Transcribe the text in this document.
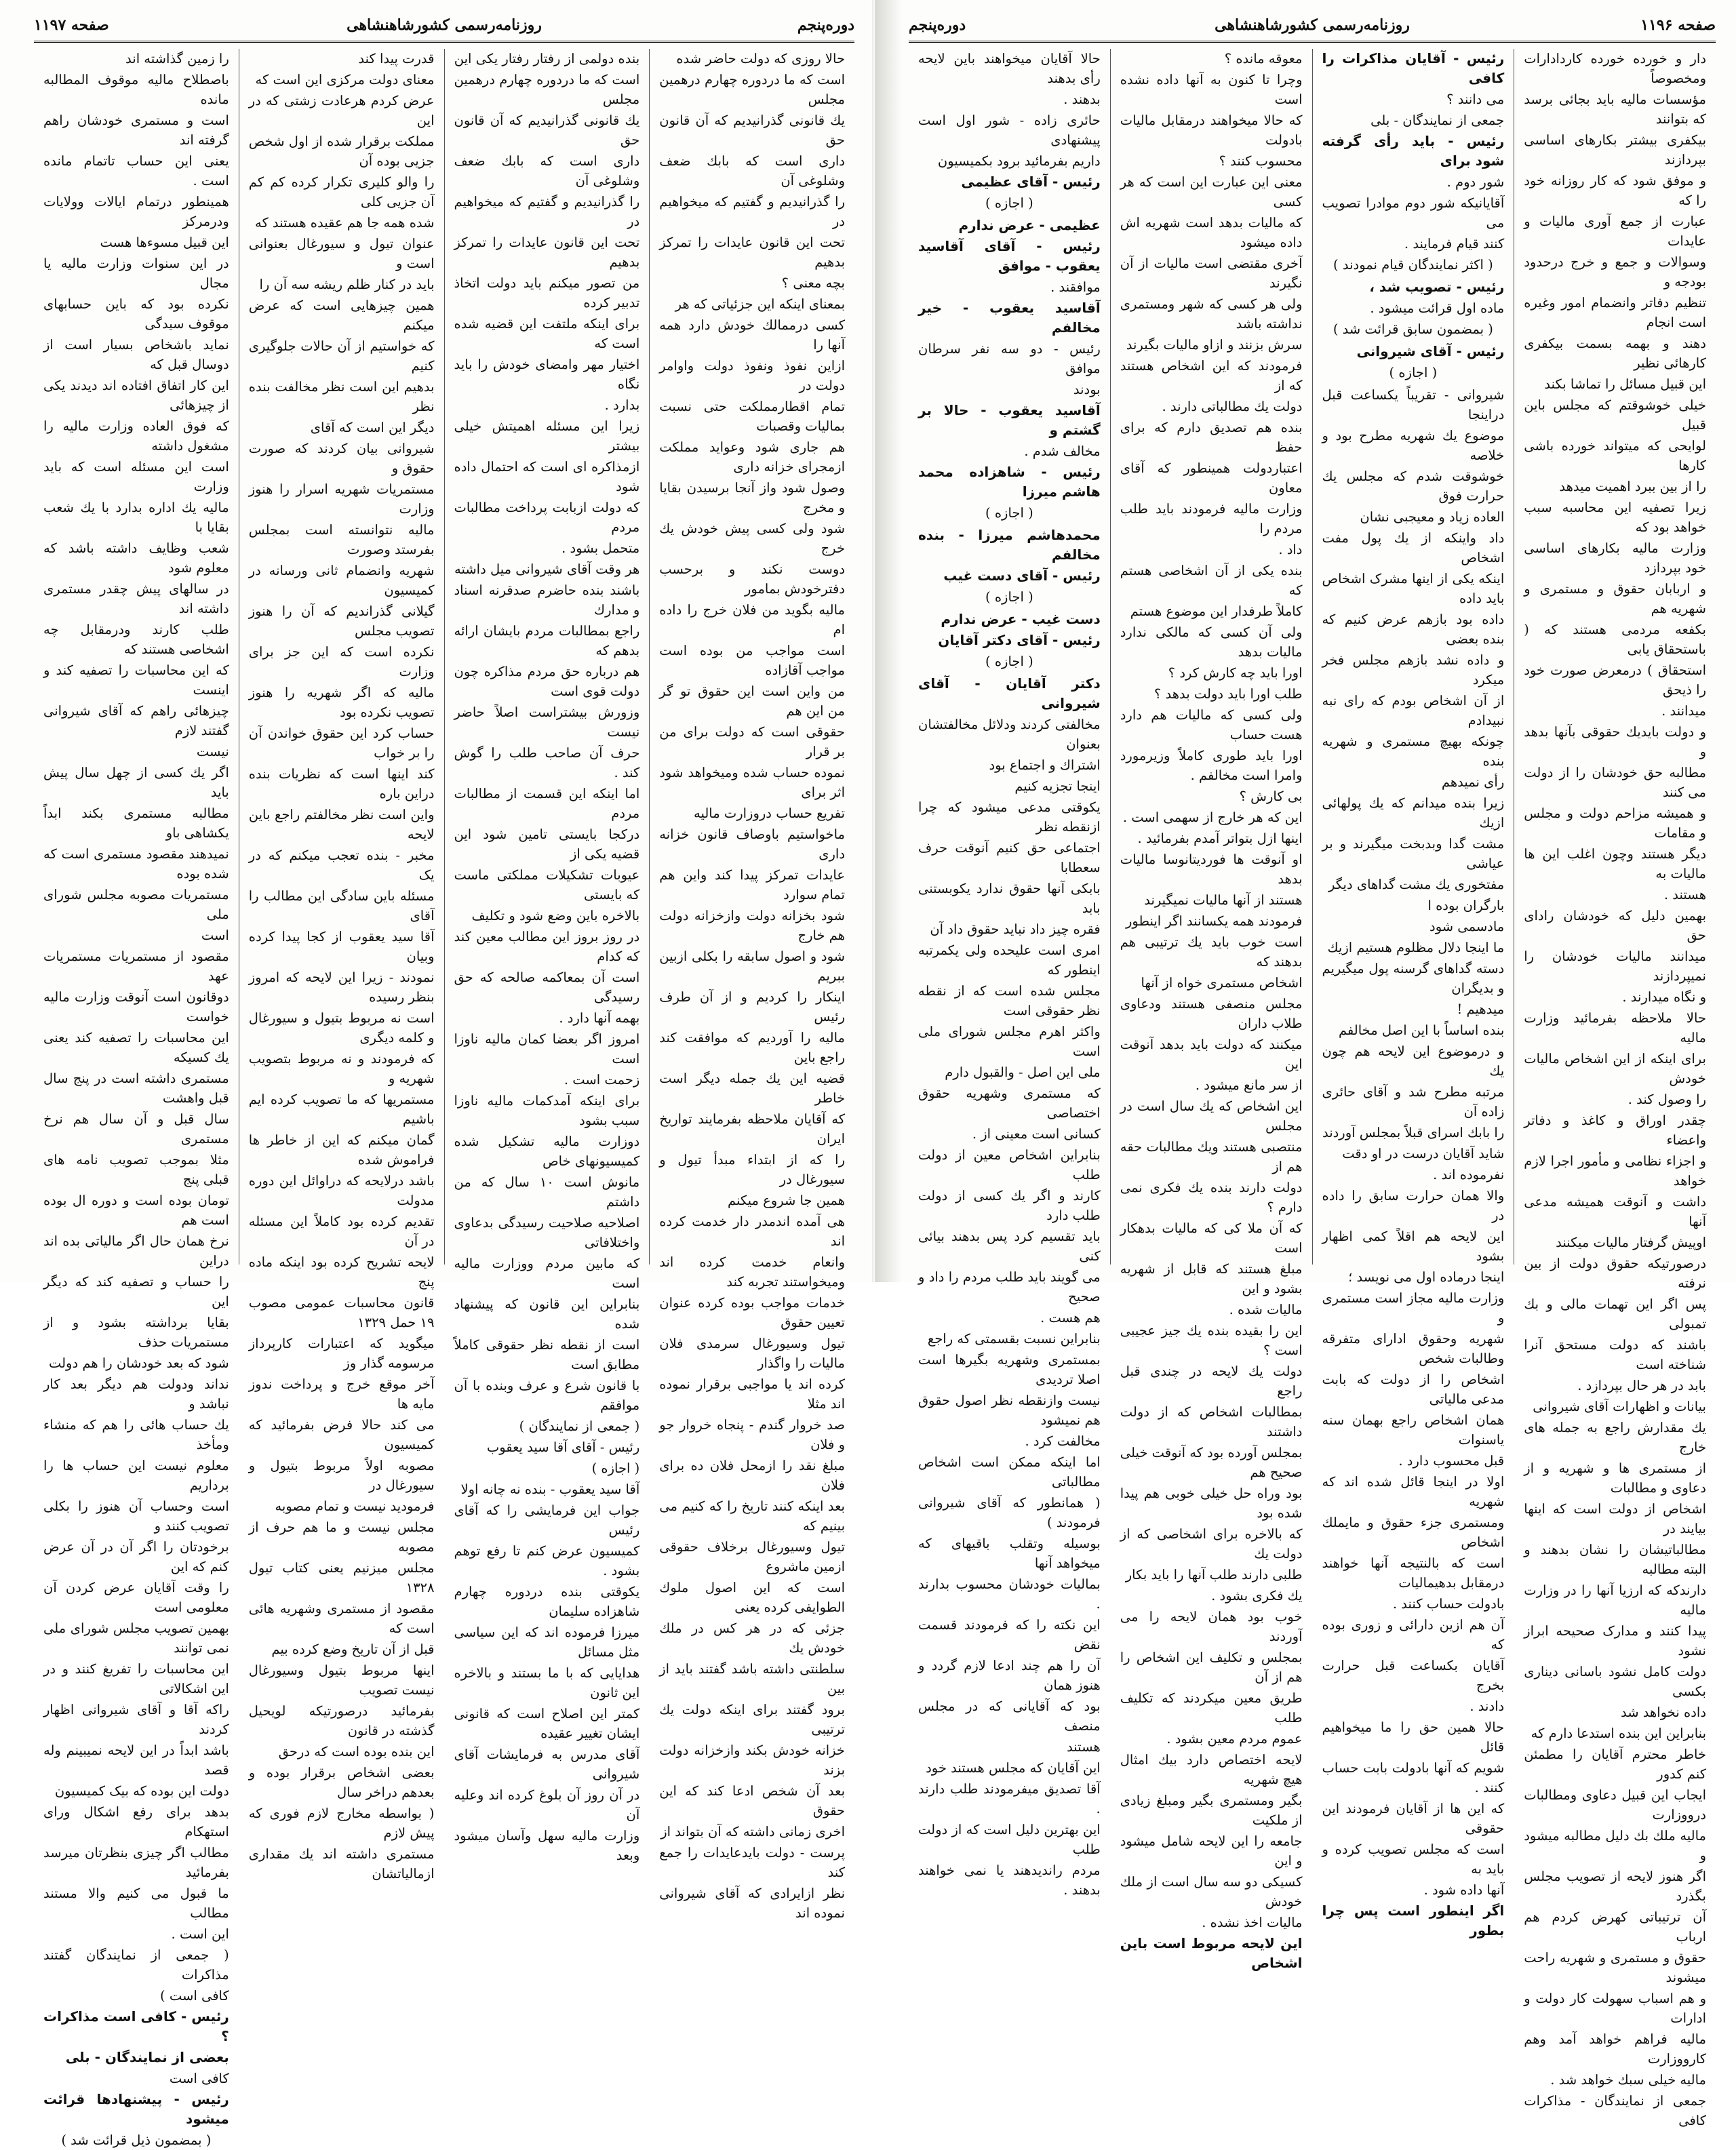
دوره‌پنجم
روزنامه‌رسمی کشورشاهنشاهی
صفحه ۱۱۹۷

حالا روزی که دولت حاضر شده

است که ما دردوره چهارم درهمین مجلس

یك قانونی گذرانیدیم که آن قانون حق

داری است که بابك ضعف وشلوغی آن

را گذرانیدیم و گفتیم که میخواهیم در

تحت این قانون عایدات را تمرکز بدهیم

بچه معنی ؟

بمعنای اینکه این جزئیاتی که هر

کسی درممالك خودش دارد همه آنها را

ازاین نفوذ ونفوذ دولت واوامر دولت در

تمام اقطارمملکت حتی نسبت بمالیات وقصبات

هم جاری شود وعواید مملکت ازمجرای خزانه داری

وصول شود واز آنجا برسیدن بقایا و مخرج

شود ولی کسی پیش خودش یك خرج

دوست نکند و برحسب دفترخودش بمامور

مالیه بگوید من فلان خرج را داده ام

است مواجب من بوده است مواجب آقازاده

من واین است این حقوق تو گر من این هم

حقوقی است که دولت برای من بر قرار

نموده حساب شده ومیخواهد شود اثر برای

تفریع حساب دروزارت مالیه

ماخواستیم باوصاف قانون خزانه داری

عایدات تمرکز پیدا کند واین هم تمام سوارد

شود بخزانه دولت وازخزانه دولت هم خارج

شود و اصول سابقه را بکلی ازبین ببریم

اینکار را کردیم و از آن طرف رئیس

مالیه را آوردیم که موافقت کند راجع باین

قضیه این یك جمله دیگر است خاطر

که آقایان ملاحظه بفرمایند تواریخ ایران

را که از ابتداء مبدأ تیول و سیورغال در

همین جا شروع میکنم

هی آمده اندمدر دار خدمت کرده اند

وانعام خدمت کرده اند ومیخواستند تجربه کند

خدمات مواجب بوده کرده عنوان تعیین حقوق

تیول وسیورغال سرمدی فلان مالیات را واگذار

کرده اند یا مواجبی برقرار نموده اند مثلا

صد خروار گندم - پنجاه خروار جو و فلان

مبلغ نقد را ازمحل فلان ده برای فلان

بعد اینکه کنند تاریخ را که کنیم می بینیم که

تیول وسیورغال برخلاف حقوقی ازمین ماشروع

است که این اصول ملوك الطوایفی کرده یعنی

جزئی که در هر کس در ملك خودش یك

سلطنتی داشته باشد گفتند باید از بین

برود گفتند برای اینکه دولت یك ترتیبی

خزانه خودش بکند وازخزانه دولت بزند

بعد آن شخص ادعا کند که این حقوق

اخری زمانی داشته که آن بتواند از

پرست - دولت بایدعایدات را جمع کند

نظر ازایرادی که آقای شیروانی نموده اند

بنده دولمی از رفتار رفتار یکی این

است که ما دردوره چهارم درهمین مجلس

یك قانونی گذرانیدیم که آن قانون حق

داری است که بابك ضعف وشلوغی آن

را گذرانیدیم و گفتیم که میخواهیم در

تحت این قانون عایدات را تمرکز بدهیم

من تصور میکنم باید دولت اتخاذ تدبیر کرده

برای اینکه ملتفت این قضیه شده است که

اختیار مهر وامضای خودش را باید نگاه

بدارد .

زیرا این مسئله اهمیتش خیلی بیشتر

ازمذاکره ای است که احتمال داده شود

که دولت ازبابت پرداخت مطالبات مردم

متحمل بشود .

هر وقت آقای شیروانی میل داشته

باشند بنده حاضرم صدقرنه اسناد و مدارك

راجع بمطالبات مردم بایشان ارائه بدهم که

هم درباره حق مردم مذاکره چون دولت قوی است

وزورش بیشتراست اصلاً حاضر نیست

حرف آن صاحب طلب را گوش کند .

اما اینکه این قسمت از مطالبات مردم

درکجا بایستی تامین شود این قضیه یکی از

عیوبات تشکیلات مملکتی ماست که بایستی

بالاخره باین وضع شود و تکلیف

در روز بروز این مطالب معین کند که کدام

است آن بمعاکمه صالحه که حق رسیدگی

بهمه آنها دارد .

امروز اگر بعضا کمان مالیه ناوزا است

زحمت است .

برای اینکه آمدکمات مالیه ناوزا سبب بشود

دوزارت مالیه تشکیل شده کمیسیونهای خاص

مانوش است ۱۰ سال که من داشتم

اصلاحیه صلاحیت رسیدگی بدعاوی واختلافاتی

که مابین مردم ووزارت مالیه است

بنابراین این قانون که پیشنهاد شده

است از نقطه نظر حقوقی کاملاً مطابق است

با قانون شرع و عرف وبنده با آن موافقم

( جمعی از نمایندگان )

رئیس - آقای آقا سید یعقوب

( اجازه )

آقا سید یعقوب - بنده نه چانه اولا

جواب این فرمایشی را که آقای رئیس

کمیسیون عرض کنم تا رفع توهم بشود .

یکوقتی بنده دردوره چهارم شاهزاده سلیمان

میرزا فرموده اند که این سیاسی مثل مسائل

هدایایی که با ما بستند و بالاخره این ثانون

کمتر این اصلاح است که قانونی ایشان تغییر عقیده

آقای مدرس به فرمایشات آقای شیروانی

در آن روز آن بلوغ کرده اند وعلیه آن

وزارت مالیه سهل وآسان میشود وبعد

قدرت پیدا کند

معنای دولت مرکزی این است که

عرض کردم هرعادت زشتی که در این

مملکت برقرار شده از اول شخص جزیی بوده آن

را والو کلیری تکرار کرده کم کم آن جزیی کلی

شده همه جا هم عقیده هستند که

عنوان تیول و سیورغال بعنوانی است و

باید در کنار ظلم ریشه سه آن را

همین چیزهایی است که عرض میکنم

که خواستیم از آن حالات جلوگیری کنیم

بدهیم این است نظر مخالفت بنده نظر

دیگر این است که آقای

شیروانی بیان کردند که صورت حقوق و

مستمریات شهریه اسرار را هنوز وزارت

مالیه نتوانسته است بمجلس بفرستد وصورت

شهریه وانضمام ثانی ورسانه در کمیسیون

گیلانی گذراندیم که آن را هنوز تصویب مجلس

نکرده است که این جز برای وزارت

مالیه که اگر شهریه را هنوز تصویب نکرده بود

حساب کرد این حقوق خواندن آن را بر خواب

کند اینها است که نظریات بنده دراین باره

واین است نظر مخالفتم راجع باین لایحه

مخبر - بنده تعجب میکنم که در یک

مسئله باین سادگی این مطالب را آقای

آقا سید یعقوب از کجا پیدا کرده وبیان

نمودند - زیرا این لایحه که امروز بنظر رسیده

است نه مربوط بتیول و سیورغال و کلمه دیگری

که فرمودند و نه مربوط بتصویب شهریه و

مستمریها که ما تصویب کرده ایم باشیم

گمان میکنم که این از خاطر ها فراموش شده

باشد درلایحه که دراوائل این دوره مدولت

تقدیم کرده بود کاملاً این مسئله در آن

لایحه تشریح کرده بود اینکه ماده پنج

قانون محاسبات عمومی مصوب ۱۹ حمل ۱۳۲۹

میگوید که اعتبارات کارپرداز مرسومه گذار وز

آخر موقع خرج و پرداخت ندوز مایه ها

می کند حالا فرض بفرمائید که کمیسیون

مصوبه اولاً مربوط بتیول و سیورغال در

فرمودید نیست و تمام مصوبه

مجلس نیست و ما هم حرف از مصوبه

مجلس میزنیم یعنی کتاب تیول ۱۳۲۸

مقصود از مستمری وشهریه هائی است که

قبل از آن تاریخ وضع کرده بیم

اینها مربوط بتیول وسیورغال نیست تصویب

بفرمائید درصورتیکه لویحیل گذشته در قانون

این بنده بوده است که درحق

بعضی اشخاص برقرار بوده و بعدهم دراخر سال

( بواسطه مخارج لازم فوری که پیش لازم

مستمری داشته اند یك مقداری ازمالیاتشان

را زمین گذاشته اند

باصطلاح مالیه موقوف المطالبه مانده

است و مستمری خودشان راهم گرفته اند

یعنی این حساب تاتمام مانده است .

همینطور درتمام ایالات وولایات ودرمرکز

این قبیل مسوءها هست

در این سنوات وزارت مالیه یا مجال

نکرده بود که باین حسابهای موقوف سیدگی

نماید باشخاص بسیار است از دوسال قبل که

این کار اتفاق افتاده اند دیدند یکی از چیزهائی

که فوق العاده وزارت مالیه را مشغول داشته

است این مسئله است که باید وزارت

مالیه یك اداره بدارد با یك شعب بقایا با

شعب وظایف داشته باشد که معلوم شود

در سالهای پیش چقدر مستمری داشته اند

طلب کارند ودرمقابل چه اشخاصی هستند که

که این محاسبات را تصفیه کند و اینست

چیزهائی راهم که آقای شیروانی گفتند لازم

نیست

اگر یك کسی از چهل سال پیش باید

مطالبه مستمری بکند ابداً یکشاهی باو

نمیدهند مقصود مستمری است که شده بوده

مستمریات مصوبه مجلس شورای ملی

است

مقصود از مستمریات مستمریات عهد

دوقانون است آنوقت وزارت مالیه خواست

این محاسبات را تصفیه کند یعنی یك کسیکه

مستمری داشته است در پنج سال قبل واهشت

سال قبل و آن سال هم نرخ مستمری

مثلا بموجب تصویب نامه های قبلی پنج

تومان بوده است و دوره ال بوده است هم

نرخ همان حال اگر مالیاتی بده اند دراین

را حساب و تصفیه کند که دیگر این

بقایا برداشته بشود و از مستمریات حذف

شود که بعد خودشان را هم دولت

نداند ودولت هم دیگر بعد کار نباشد و

یك حساب هائی را هم که منشاء ومأخذ

معلوم نیست این حساب ها را برداریم

است وحساب آن هنوز را بکلی تصویب کنند و

برخودتان را اگر آن در آن عرض کنم که این

را وقت آقایان عرض کردن آن معلومی است

بهمین تصویب مجلس شورای ملی نمی توانند

این محاسبات را تفریغ کنند و در این اشکالاتی

راکه آقا و آقای شیروانی اظهار کردند

باشد ابداً در این لایحه نمیبینم وله قصد

دولت این بوده که بیک کمیسیون

بدهد برای رفع اشکال ورای استهکام

مطالب اگر چیزی بنظرتان میرسد بفرمائید

ما قبول می کنیم والا مستند مطالب

این است .

( جمعی از نمایندگان گفتند مذاکرات

کافی است )

رئیس - کافی است مذاکرات ؟

بعضی از نمایندگان - بلی

کافی است

رئیس - پیشنهادها قرائت میشود

( بمضمون ذیل قرائت شد )

صفحه ۱۱۹۶
روزنامه‌رسمی کشورشاهنشاهی
دوره‌پنجم

دار و خورده خورده کاردادارات ومخصوصاً

مؤسسات مالیه باید بجائی برسد که بتوانند

بیکفری بیشتر بکارهای اساسی بپردازند

و موفق شود که کار روزانه خود را که

عبارت از جمع آوری مالیات و عایدات

وسوالات و جمع و خرج درحدود بودجه و

تنظیم دفاتر وانضمام امور وغیره است انجام

دهند و بهمه بسمت بیکفری کارهائی نظیر

این قبیل مسائل را تماشا بکند

خیلی خوشوقتم که مجلس باین قبیل

لوایحی که میتواند خورده باشی کارها

را از بین ببرد اهمیت میدهد

زیرا تصفیه این محاسبه سبب خواهد بود که

وزارت مالیه بکارهای اساسی خود بپردازد

و اربابان حقوق و مستمری و شهریه هم

بکفعه مردمی هستند که ( باستحقاق یابی

استحقاق ) درمعرض صورت خود را ذیحق

میدانند .

و دولت بایدیك حقوقی بآنها بدهد و

مطالبه حق خودشان را از دولت می کنند

و همیشه مزاحم دولت و مجلس و مقامات

دیگر هستند وچون اغلب این ها مالیات به

هستند .

بهمین دلیل که خودشان رادای حق

میدانند مالیات خودشان را نمیپردازند

و نگاه میدارند .

حالا ملاحظه بفرمائید وزارت مالیه

برای اینکه از این اشخاص مالیات خودش

را وصول کند .

چقدر اوراق و کاغذ و دفاتر واعضاء

و اجزاء نظامی و مأمور اجرا لازم خواهد

داشت و آنوقت همیشه مدعی آنها

اوپیش گرفتار مالیات میکنند

درصورتیکه حقوق دولت از بین نرفته

پس اگر این تهمات مالی و بك تمبولی

باشند که دولت مستحق آنرا شناخته است

بابد در هر حال بپردازد .

بیانات و اظهارات آقای شیروانی

یك مقدارش راجع به جمله های خارج

از مستمری ها و شهریه و از دعاوی و مطالبات

اشخاص از دولت است که اینها بیایند در

مطالباتیشان را نشان بدهند و البته مطالبه

دارندکه که ارزیا آنها را در وزارت مالیه

پیدا کنند و مدارک صحیحه ابراز نشود

دولت کامل نشود باسانی دیناری بکسی

داده نخواهد شد

بنابراین این بنده استدعا دارم که

خاطر محترم آقایان را مطمئن کنم کدور

ایجاب این قبیل دعاوی ومطالبات درووزارت

مالیه ملك بك دلیل مطالبه میشود و

اگر هنوز لایحه از تصویب مجلس بگذرد

آن ترتیباتی کهرض کردم هم ارباب

حقوق و مستمری و شهریه راحت میشوند

و هم اسباب سهولت کار دولت و ادارات

مالیه فراهم خواهد آمد وهم کارووزارت

مالیه خیلی سبك خواهد شد .

جمعی از نمایندگان - مذاکرات کافی

رئیس - آقایان مذاکرات را کافی

می دانند ؟

جمعی از نمایندگان - بلی

رئیس - باید رأی گرفته شود برای

شور دوم .

آقایانیکه شور دوم موادرا تصویب می

کنند قیام فرمایند .

( اکثر نمایندگان قیام نمودند )

رئیس - تصویب شد ،

ماده اول قرائت میشود .

( بمضمون سابق قرائت شد )

رئیس - آقای شیروانی

( اجازه )

شیروانی - تقریباً یکساعت قبل دراینجا

موضوع یك شهریه مطرح بود و خلاصه

خوشوقت شدم که مجلس یك حرارت فوق

العاده زیاد و معیجبی نشان

داد واینکه از یك پول مفت اشخاص

اینکه یکی از اینها مشرک اشخاص باید داده

داده بود بازهم عرض کنیم که بنده بعضی

و داده نشد بازهم مجلس فخر میکرد

از آن اشخاص بودم که رای نبه نبیدادم

چونکه بهیچ مستمری و شهریه بنده

رأی نمیدهم

زیرا بنده میدانم که یك پولهائی ازیك

مشت گدا وبدبخت میگیرند و بر عیاشی

مفتخوری یك مشت گداهای دیگر

بارگران بوده ا

مادسمی شود

ما اینجا دلال مظلوم هستیم ازیك

دسته گداهای گرسنه پول میگیریم و بدیگران

میدهیم !

بنده اساساً با این اصل مخالفم

و درموضوع این لایحه هم چون یك

مرتبه مطرح شد و آقای حائری زاده آن

را بابك اسرای قبلاً بمجلس آوردند

شاید آقایان درست در او دقت

نفرموده اند .

والا همان حرارت سابق را داده در

این لایحه هم اقلاً کمی اظهار بشود

اینجا درماده اول می نویسد ؛

وزارت مالیه مجاز است مستمری و

شهریه وحقوق ادارای متفرقه وطالبات شخص

اشخاص را از دولت که بابت مدعی مالیاتی

همان اشخاص راجع بهمان سنه یاسنوات

قبل محسوب دارد .

اولا در اینجا قائل شده اند که شهریه

ومستمری جزء حقوق و مایملك اشخاص

است که بالنتیجه آنها خواهند درمقابل بدهیمالیات

بادولت حساب کنند .

آن هم ازین دارائی و زوری بوده که

آقایان بکساعت قبل حرارت بخرج

دادند .

حالا همین حق را ما میخواهیم قائل

شویم که آنها بادولت بابت حساب کنند .

که این ها از آقایان فرمودند این حقوقی

است که مجلس تصویب کرده و باید به

آنها داده شود .

اگر اینطور است پس چرا بطور

معوقه مانده ؟

وچرا تا کنون به آنها داده نشده است

که حالا میخواهند درمقابل مالیات بادولت

محسوب کنند ؟

معنی این عبارت این است که هر کسی

که مالیات بدهد است شهریه اش داده میشود

آخری مقتضی است مالیات از آن نگیرند

ولی هر کسی که شهر ومستمری نداشته باشد

سرش بزنند و ازاو مالیات بگیرند

فرمودند که این اشخاص هستند که از

دولت یك مطالباتی دارند .

بنده هم تصدیق دارم که برای حفظ

اعتباردولت همینطور که آقای معاون

وزارت مالیه فرمودند باید طلب مردم را

داد .

بنده یکی از آن اشخاصی هستم که

کاملاً طرفدار این موضوع هستم

ولی آن کسی که مالکی ندارد مالیات بدهد

اورا باید چه کارش کرد ؟

طلب اورا باید دولت بدهد ؟

ولی کسی که مالیات هم دارد هست حساب

اورا باید طوری کاملاً وزیرمورد وامرا است مخالفم .

بی کارش ؟

این که هر خارج از سهمی است .

اینها ازل بتواتر آمدم بفرمائید .

او آنوقت ها فوردیتانوسا مالیات بدهد

هستند از آنها مالیات نمیگیرند

فرمودند همه یکسانند اگر اینطور

است خوب باید یك ترتیبی هم بدهند که

اشخاص مستمری خواه از آنها

مجلس منصفی هستند ودعاوی طلاب داران

میکنند که دولت باید بدهد آنوقت این

از سر مانع میشود .

این اشخاص که یك سال است در مجلس

منتصبی هستند ویك مطالبات حقه هم از

دولت دارند بنده یك فکری نمی دارم ؟

که آن ملا کی که مالیات بدهکار است

مبلغ هستند که قابل از شهریه بشود و این

مالیات شده .

این را بقیده بنده یك جیز عجیبی است ؟

دولت یك لایحه در چندی قبل راجع

بمطالبات اشخاص که از دولت داشتند

بمجلس آورده بود که آنوقت خیلی صحیح هم

بود وراه حل خیلی خوبی هم پیدا شده بود

که بالاخره برای اشخاصی که از دولت یك

طلبی دارند طلب آنها را باید بکار

یك فکری بشود .

خوب بود همان لایحه را می آوردند

بمجلس و تکلیف این اشخاص را هم از آن

طریق معین میکردند که تکلیف طلب

عموم مردم معین بشود .

لایحه اختصاص دارد بیك امثال هیچ شهریه

بگیر ومستمری بگیر ومبلغ زیادی از ملکیت

جامعه را این لایحه شامل میشود و این

کسیکی دو سه سال است از ملك خودش

مالیات اخذ نشده .

این لایحه مربوط است باین اشخاص

حالا آقایان میخواهند باین لایحه رأی بدهند

بدهند .

حائری زاده - شور اول است پیشنهادی

داریم بفرمائید برود بکمیسیون

رئیس - آقای عظیمی

( اجازه )

عظیمی - عرض ندارم

رئیس - آقای آقاسید یعقوب - موافق

موافقند .

آقاسید یعقوب - خیر مخالفم

رئیس - دو سه نفر سرطان موافق

بودند

آقاسید یعقوب - حالا بر گشتم و

مخالف شدم .

رئیس - شاهزاده محمد هاشم میرزا

( اجازه )

محمدهاشم میرزا - بنده مخالفم

رئیس - آقای دست غیب

( اجازه )

دست غیب - عرض ندارم

رئیس - آقای دکتر آقایان

( اجازه )

دکتر آقایان - آقای شیروانی

مخالفتی کردند ودلائل مخالفتشان بعنوان

اشتراك و اجتماع بود

اینجا تجزیه کنیم

یکوقتی مدعی میشود که چرا ازنقطه نظر

اجتماعی حق کنیم آنوقت حرف سعطابا

بابکی آنها حقوق ندارد یکوبستنی بابد

فقره چیز داد نباید حقوق داد آن

امری است علیحده ولی یکمرتبه اینطور که

مجلس شده است که از نقطه نظر حقوقی است

واکثر اهرم مجلس شورای ملی است

ملی این اصل - والقبول دارم

که مستمری وشهریه حقوق اختصاصی

کسانی است معینی از .

بنابراین اشخاص معین از دولت طلب

کارند و اگر یك کسی از دولت طلب دارد

باید تقسیم کرد پس بدهند بیائی کنی

می گویند باید طلب مردم را داد و صحیح

هم هست .

بنابراین نسبت بقسمتی که راجع

بمستمری وشهریه بگیرها است اصلا تردیدی

نیست وازنقطه نظر اصول حقوق هم نمیشود

مخالفت کرد .

اما اینکه ممکن است اشخاص مطالباتی

( همانطور که آقای شیروانی فرمودند )

بوسیله وتقلب باقیهای که میخواهد آنها

بمالیات خودشان محسوب بدارند .

این نکته را که فرمودند قسمت نقض

آن را هم چند ادعا لازم گردد و هنوز همان

بود که آقایانی که در مجلس منصف

هستند

این آقایان که مجلس هستند خود

آقا تصدیق میفرمودند طلب دارند .

این بهترین دلیل است که از دولت طلب

مردم راندیدهند یا نمی خواهند بدهند .
